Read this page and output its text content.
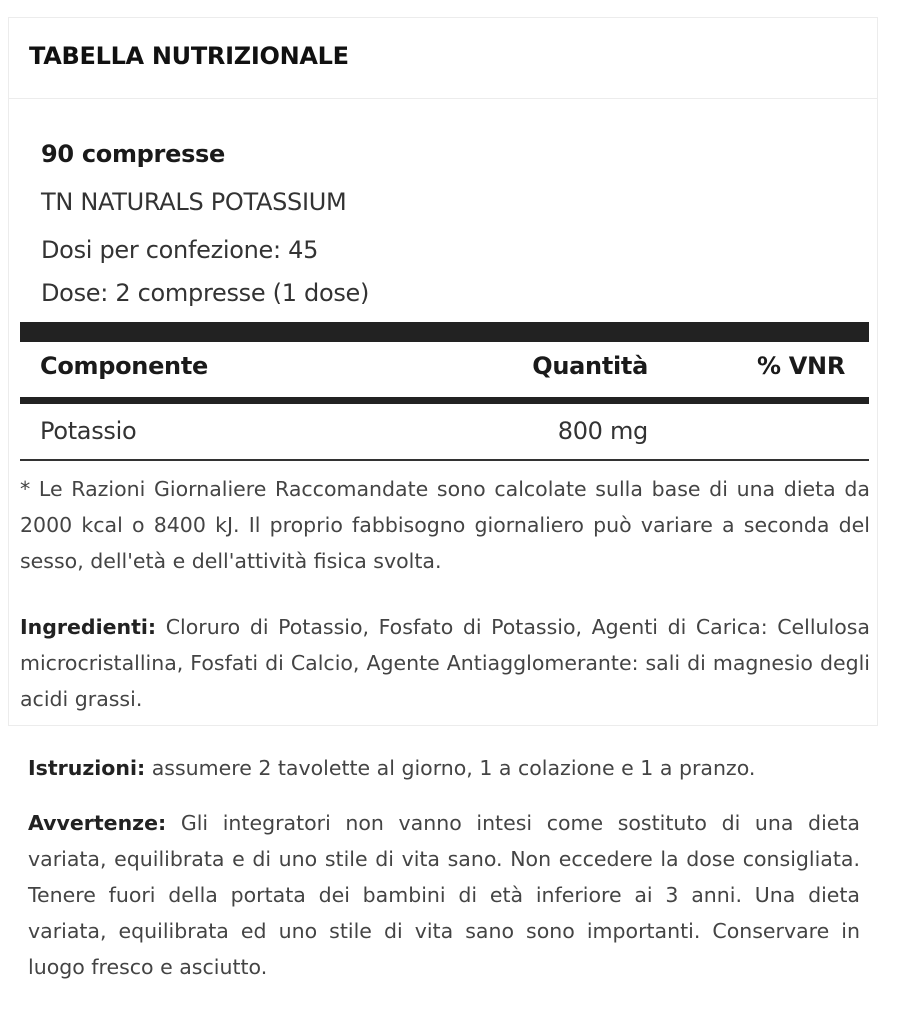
TABELLA NUTRIZIONALE
90 compresse
TN NATURALS POTASSIUM
Dosi per confezione: 45
Dose: 2 compresse (1 dose)
Componente	Quantità	% VNR
Potassio	800 mg
* Le Razioni Giornaliere Raccomandate sono calcolate sulla base di una dieta da 2000 kcal o 8400 kJ. Il proprio fabbisogno giornaliero può variare a seconda del sesso, dell'età e dell'attività fisica svolta.
Ingredienti: Cloruro di Potassio, Fosfato di Potassio, Agenti di Carica: Cellulosa microcristallina, Fosfati di Calcio, Agente Antiagglomerante: sali di magnesio degli acidi grassi.
Istruzioni: assumere 2 tavolette al giorno, 1 a colazione e 1 a pranzo.
Avvertenze: Gli integratori non vanno intesi come sostituto di una dieta variata, equilibrata e di uno stile di vita sano. Non eccedere la dose consigliata. Tenere fuori della portata dei bambini di età inferiore ai 3 anni. Una dieta variata, equilibrata ed uno stile di vita sano sono importanti. Conservare in luogo fresco e asciutto.
